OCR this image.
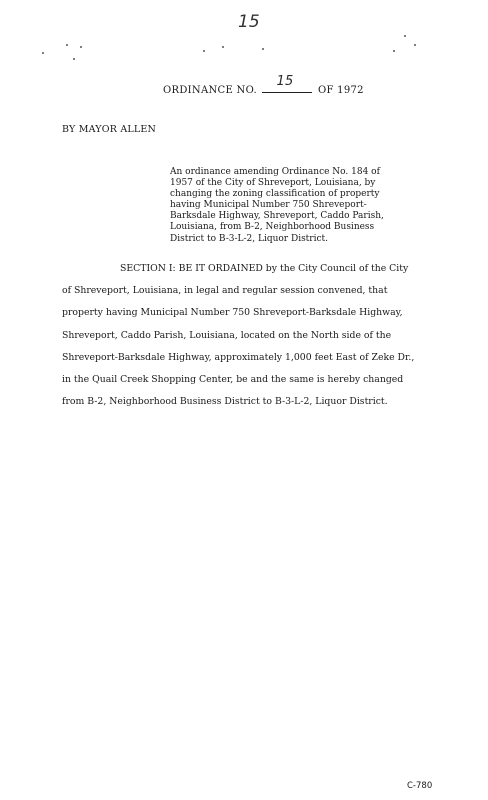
15
ORDINANCE NO.
15
OF 1972
BY MAYOR ALLEN
An ordinance amending Ordinance No. 184 of
1957 of the City of Shreveport, Louisiana, by
changing the zoning classification of property
having Municipal Number 750 Shreveport-
Barksdale Highway, Shreveport, Caddo Parish,
Louisiana, from B-2, Neighborhood Business
District to B-3-L-2, Liquor District.
SECTION I: BE IT ORDAINED by the City Council of the City
of Shreveport, Louisiana, in legal and regular session convened, that
property having Municipal Number 750 Shreveport-Barksdale Highway,
Shreveport, Caddo Parish, Louisiana, located on the North side of the
Shreveport-Barksdale Highway, approximately 1,000 feet East of Zeke Dr.,
in the Quail Creek Shopping Center, be and the same is hereby changed
from B-2, Neighborhood Business District to B-3-L-2, Liquor District.
C-780
